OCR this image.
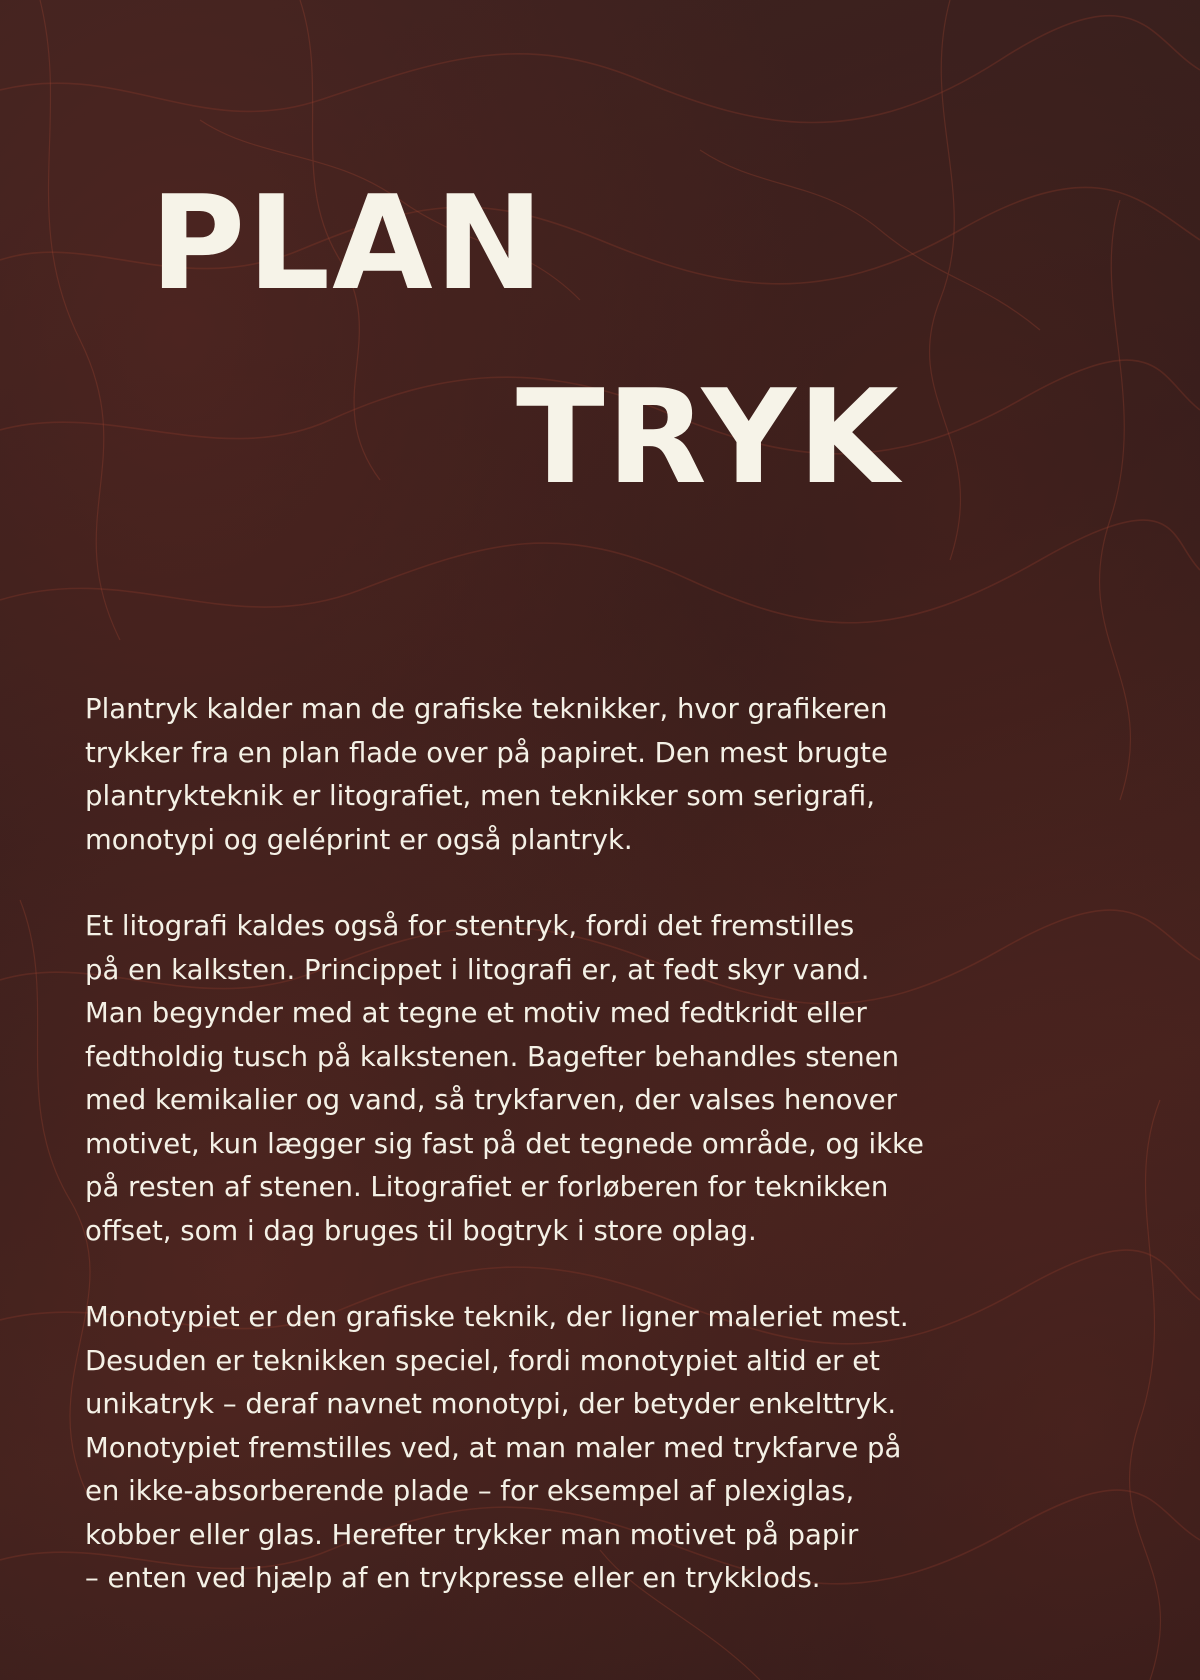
PLAN
TRYK

Plantryk kalder man de grafiske teknikker, hvor grafikeren
trykker fra en plan flade over på papiret. Den mest brugte
plantrykteknik er litografiet, men teknikker som serigrafi,
monotypi og geléprint er også plantryk.

Et litografi kaldes også for stentryk, fordi det fremstilles
på en kalksten. Princippet i litografi er, at fedt skyr vand.
Man begynder med at tegne et motiv med fedtkridt eller
fedtholdig tusch på kalkstenen. Bagefter behandles stenen
med kemikalier og vand, så trykfarven, der valses henover
motivet, kun lægger sig fast på det tegnede område, og ikke
på resten af stenen. Litografiet er forløberen for teknikken
offset, som i dag bruges til bogtryk i store oplag.

Monotypiet er den grafiske teknik, der ligner maleriet mest.
Desuden er teknikken speciel, fordi monotypiet altid er et
unikatryk – deraf navnet monotypi, der betyder enkelttryk.
Monotypiet fremstilles ved, at man maler med trykfarve på
en ikke-absorberende plade – for eksempel af plexiglas,
kobber eller glas. Herefter trykker man motivet på papir
– enten ved hjælp af en trykpresse eller en trykklods.
